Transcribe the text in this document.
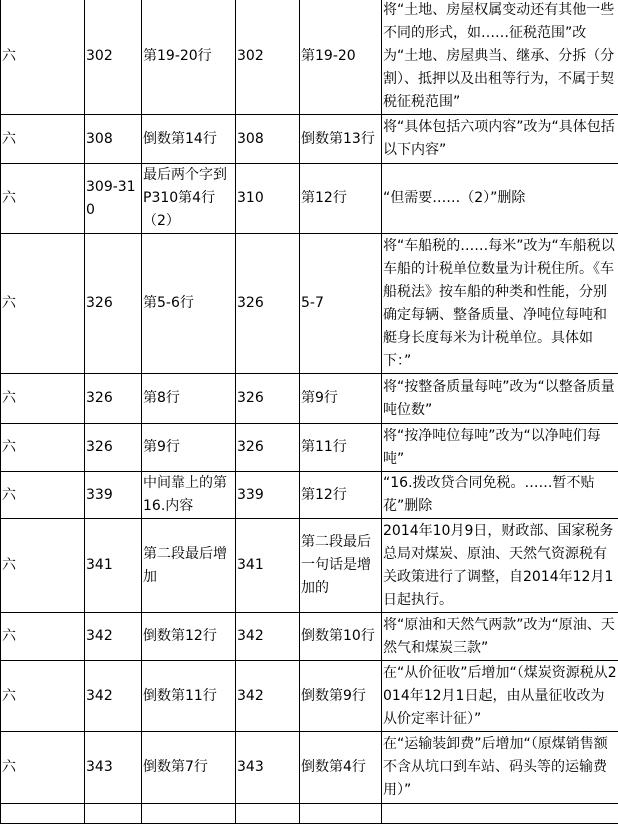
六	302	第19-20行	302	第19-20	将“土地、房屋权属变动还有其他一些不同的形式，如……征税范围”改为“土地、房屋典当、继承、分拆（分割）、抵押以及出租等行为，不属于契税征税范围”
六	308	倒数第14行	308	倒数第13行	将“具体包括六项内容”改为“具体包括以下内容”
六	309-310	最后两个字到P310第4行（2）	310	第12行	“但需要……（2）”删除
六	326	第5-6行	326	5-7	将“车船税的……每米”改为“车船税以车船的计税单位数量为计税住所。《车船税法》按车船的种类和性能，分别确定每辆、整备质量、净吨位每吨和艇身长度每米为计税单位。具体如下：”
六	326	第8行	326	第9行	将“按整备质量每吨”改为“以整备质量吨位数”
六	326	第9行	326	第11行	将“按净吨位每吨”改为“以净吨们每吨”
六	339	中间靠上的第16.内容	339	第12行	“16.拨改贷合同免税。……暂不贴花”删除
六	341	第二段最后增加	341	第二段最后一句话是增加的	2014年10月9日，财政部、国家税务总局对煤炭、原油、天然气资源税有关政策进行了调整，自2014年12月1日起执行。
六	342	倒数第12行	342	倒数第10行	将“原油和天然气两款”改为“原油、天然气和煤炭三款”
六	342	倒数第11行	342	倒数第9行	在“从价征收”后增加“（煤炭资源税从2014年12月1日起，由从量征收改为从价定率计征）”
六	343	倒数第7行	343	倒数第4行	在“运输装卸费”后增加“（原煤销售额不含从坑口到车站、码头等的运输费用）”
